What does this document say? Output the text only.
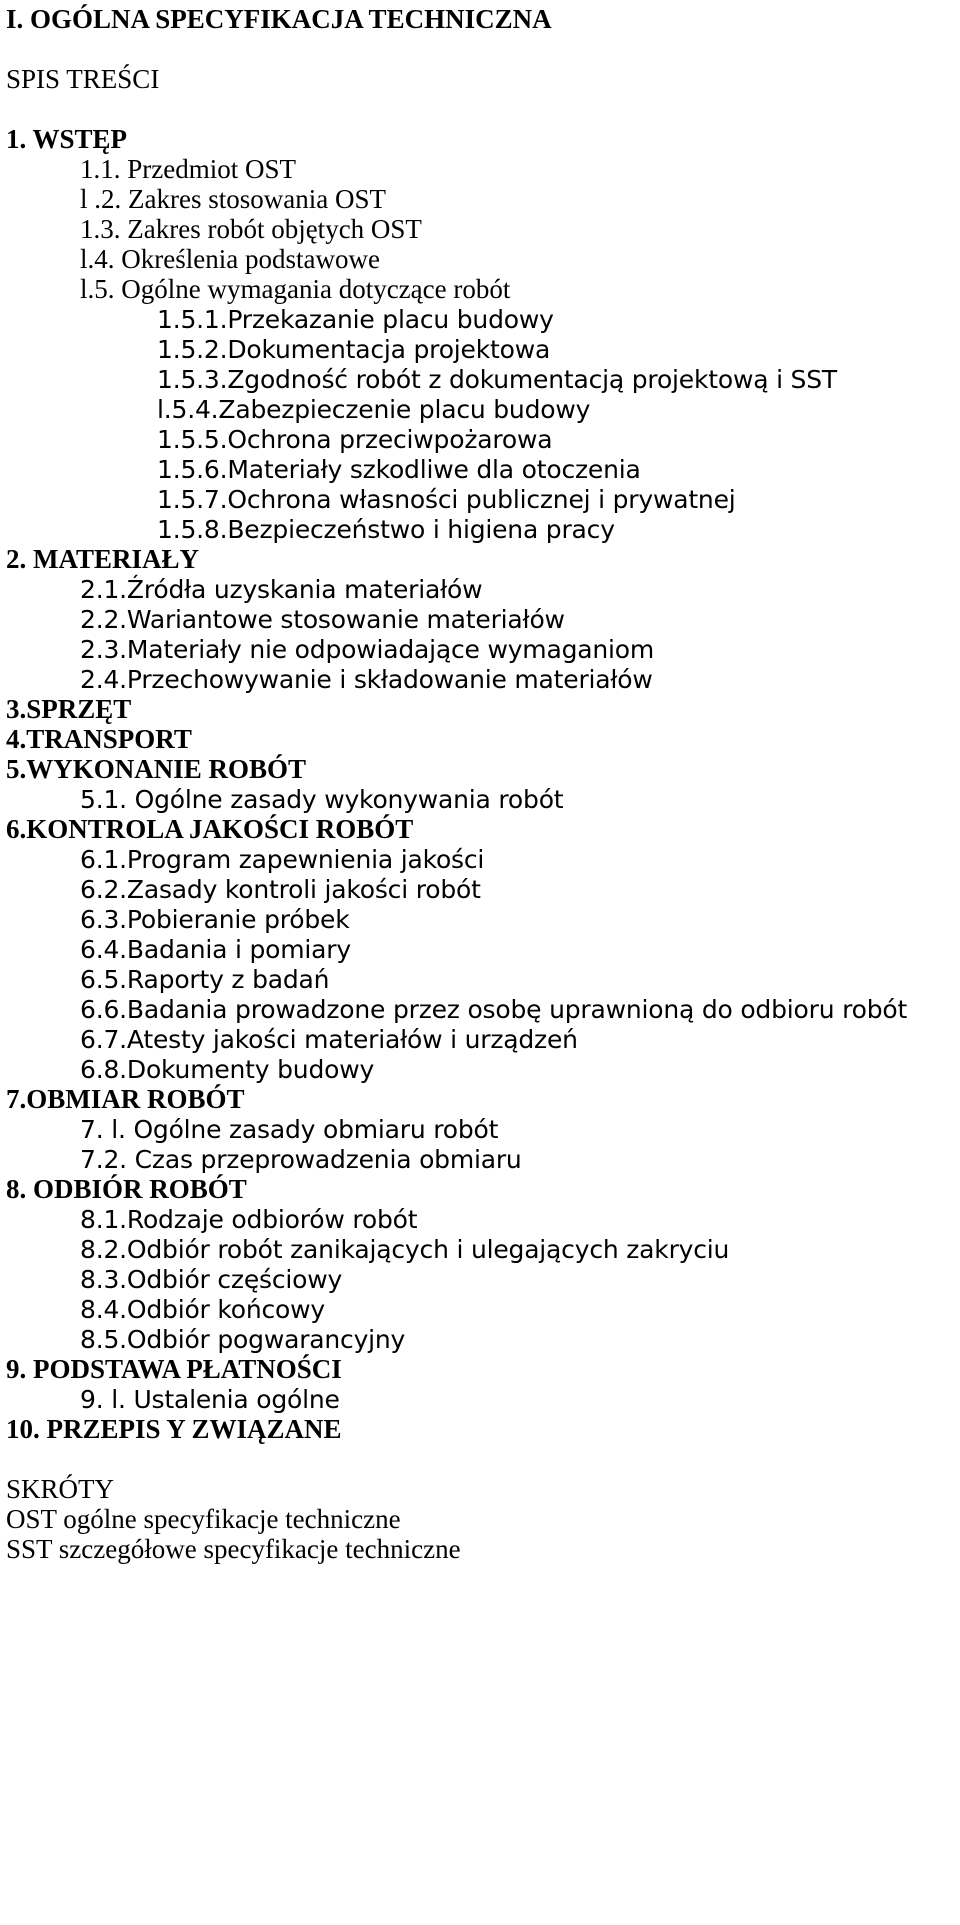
I. OGÓLNA SPECYFIKACJA TECHNICZNA
SPIS TREŚCI
1. WSTĘP
1.1. Przedmiot OST
l .2. Zakres stosowania OST
1.3. Zakres robót objętych OST
l.4. Określenia podstawowe
l.5. Ogólne wymagania dotyczące robót
1.5.1.Przekazanie placu budowy
1.5.2.Dokumentacja projektowa
1.5.3.Zgodność robót z dokumentacją projektową i SST
l.5.4.Zabezpieczenie placu budowy
1.5.5.Ochrona przeciwpożarowa
1.5.6.Materiały szkodliwe dla otoczenia
1.5.7.Ochrona własności publicznej i prywatnej
1.5.8.Bezpieczeństwo i higiena pracy
2. MATERIAŁY
2.1.Źródła uzyskania materiałów
2.2.Wariantowe stosowanie materiałów
2.3.Materiały nie odpowiadające wymaganiom
2.4.Przechowywanie i składowanie materiałów
3.SPRZĘT
4.TRANSPORT
5.WYKONANIE ROBÓT
5.1. Ogólne zasady wykonywania robót
6.KONTROLA JAKOŚCI ROBÓT
6.1.Program zapewnienia jakości
6.2.Zasady kontroli jakości robót
6.3.Pobieranie próbek
6.4.Badania i pomiary
6.5.Raporty z badań
6.6.Badania prowadzone przez osobę uprawnioną do odbioru robót
6.7.Atesty jakości materiałów i urządzeń
6.8.Dokumenty budowy
7.OBMIAR ROBÓT
7. l. Ogólne zasady obmiaru robót
7.2. Czas przeprowadzenia obmiaru
8. ODBIÓR ROBÓT
8.1.Rodzaje odbiorów robót
8.2.Odbiór robót zanikających i ulegających zakryciu
8.3.Odbiór częściowy
8.4.Odbiór końcowy
8.5.Odbiór pogwarancyjny
9. PODSTAWA PŁATNOŚCI
9. l. Ustalenia ogólne
10. PRZEPIS Y ZWIĄZANE
SKRÓTY
OST ogólne specyfikacje techniczne
SST szczegółowe specyfikacje techniczne
